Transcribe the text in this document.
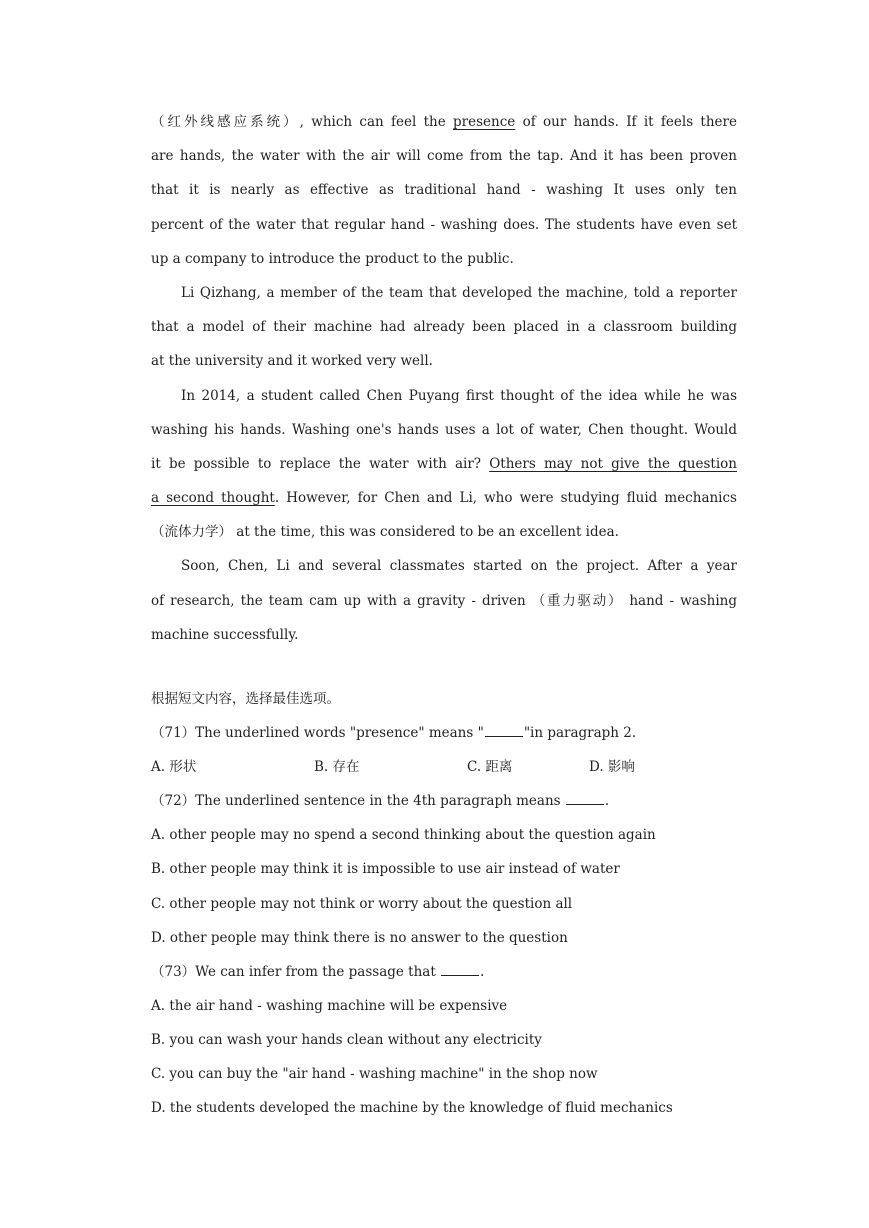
（红外线感应系统）, which can feel the presence of our hands. If it feels there
are hands, the water with the air will come from the tap. And it has been proven
that it is nearly as effective as traditional hand - washing It uses only ten
percent of the water that regular hand - washing does. The students have even set
up a company to introduce the product to the public.
Li Qizhang, a member of the team that developed the machine, told a reporter
that a model of their machine had already been placed in a classroom building
at the university and it worked very well.
In 2014, a student called Chen Puyang first thought of the idea while he was
washing his hands. Washing one's hands uses a lot of water, Chen thought. Would
it be possible to replace the water with air? Others may not give the question
a second thought. However, for Chen and Li, who were studying fluid mechanics
（流体力学） at the time, this was considered to be an excellent idea.
Soon, Chen, Li and several classmates started on the project. After a year
of research, the team cam up with a gravity - driven （重力驱动） hand - washing
machine successfully.
根据短文内容，选择最佳选项。
（71）The underlined words "presence" means "	"in paragraph 2.
A. 形状	B. 存在	C. 距离	D. 影响
（72）The underlined sentence in the 4th paragraph means	.
A. other people may no spend a second thinking about the question again
B. other people may think it is impossible to use air instead of water
C. other people may not think or worry about the question all
D. other people may think there is no answer to the question
（73）We can infer from the passage that	.
A. the air hand - washing machine will be expensive
B. you can wash your hands clean without any electricity
C. you can buy the "air hand - washing machine" in the shop now
D. the students developed the machine by the knowledge of fluid mechanics
